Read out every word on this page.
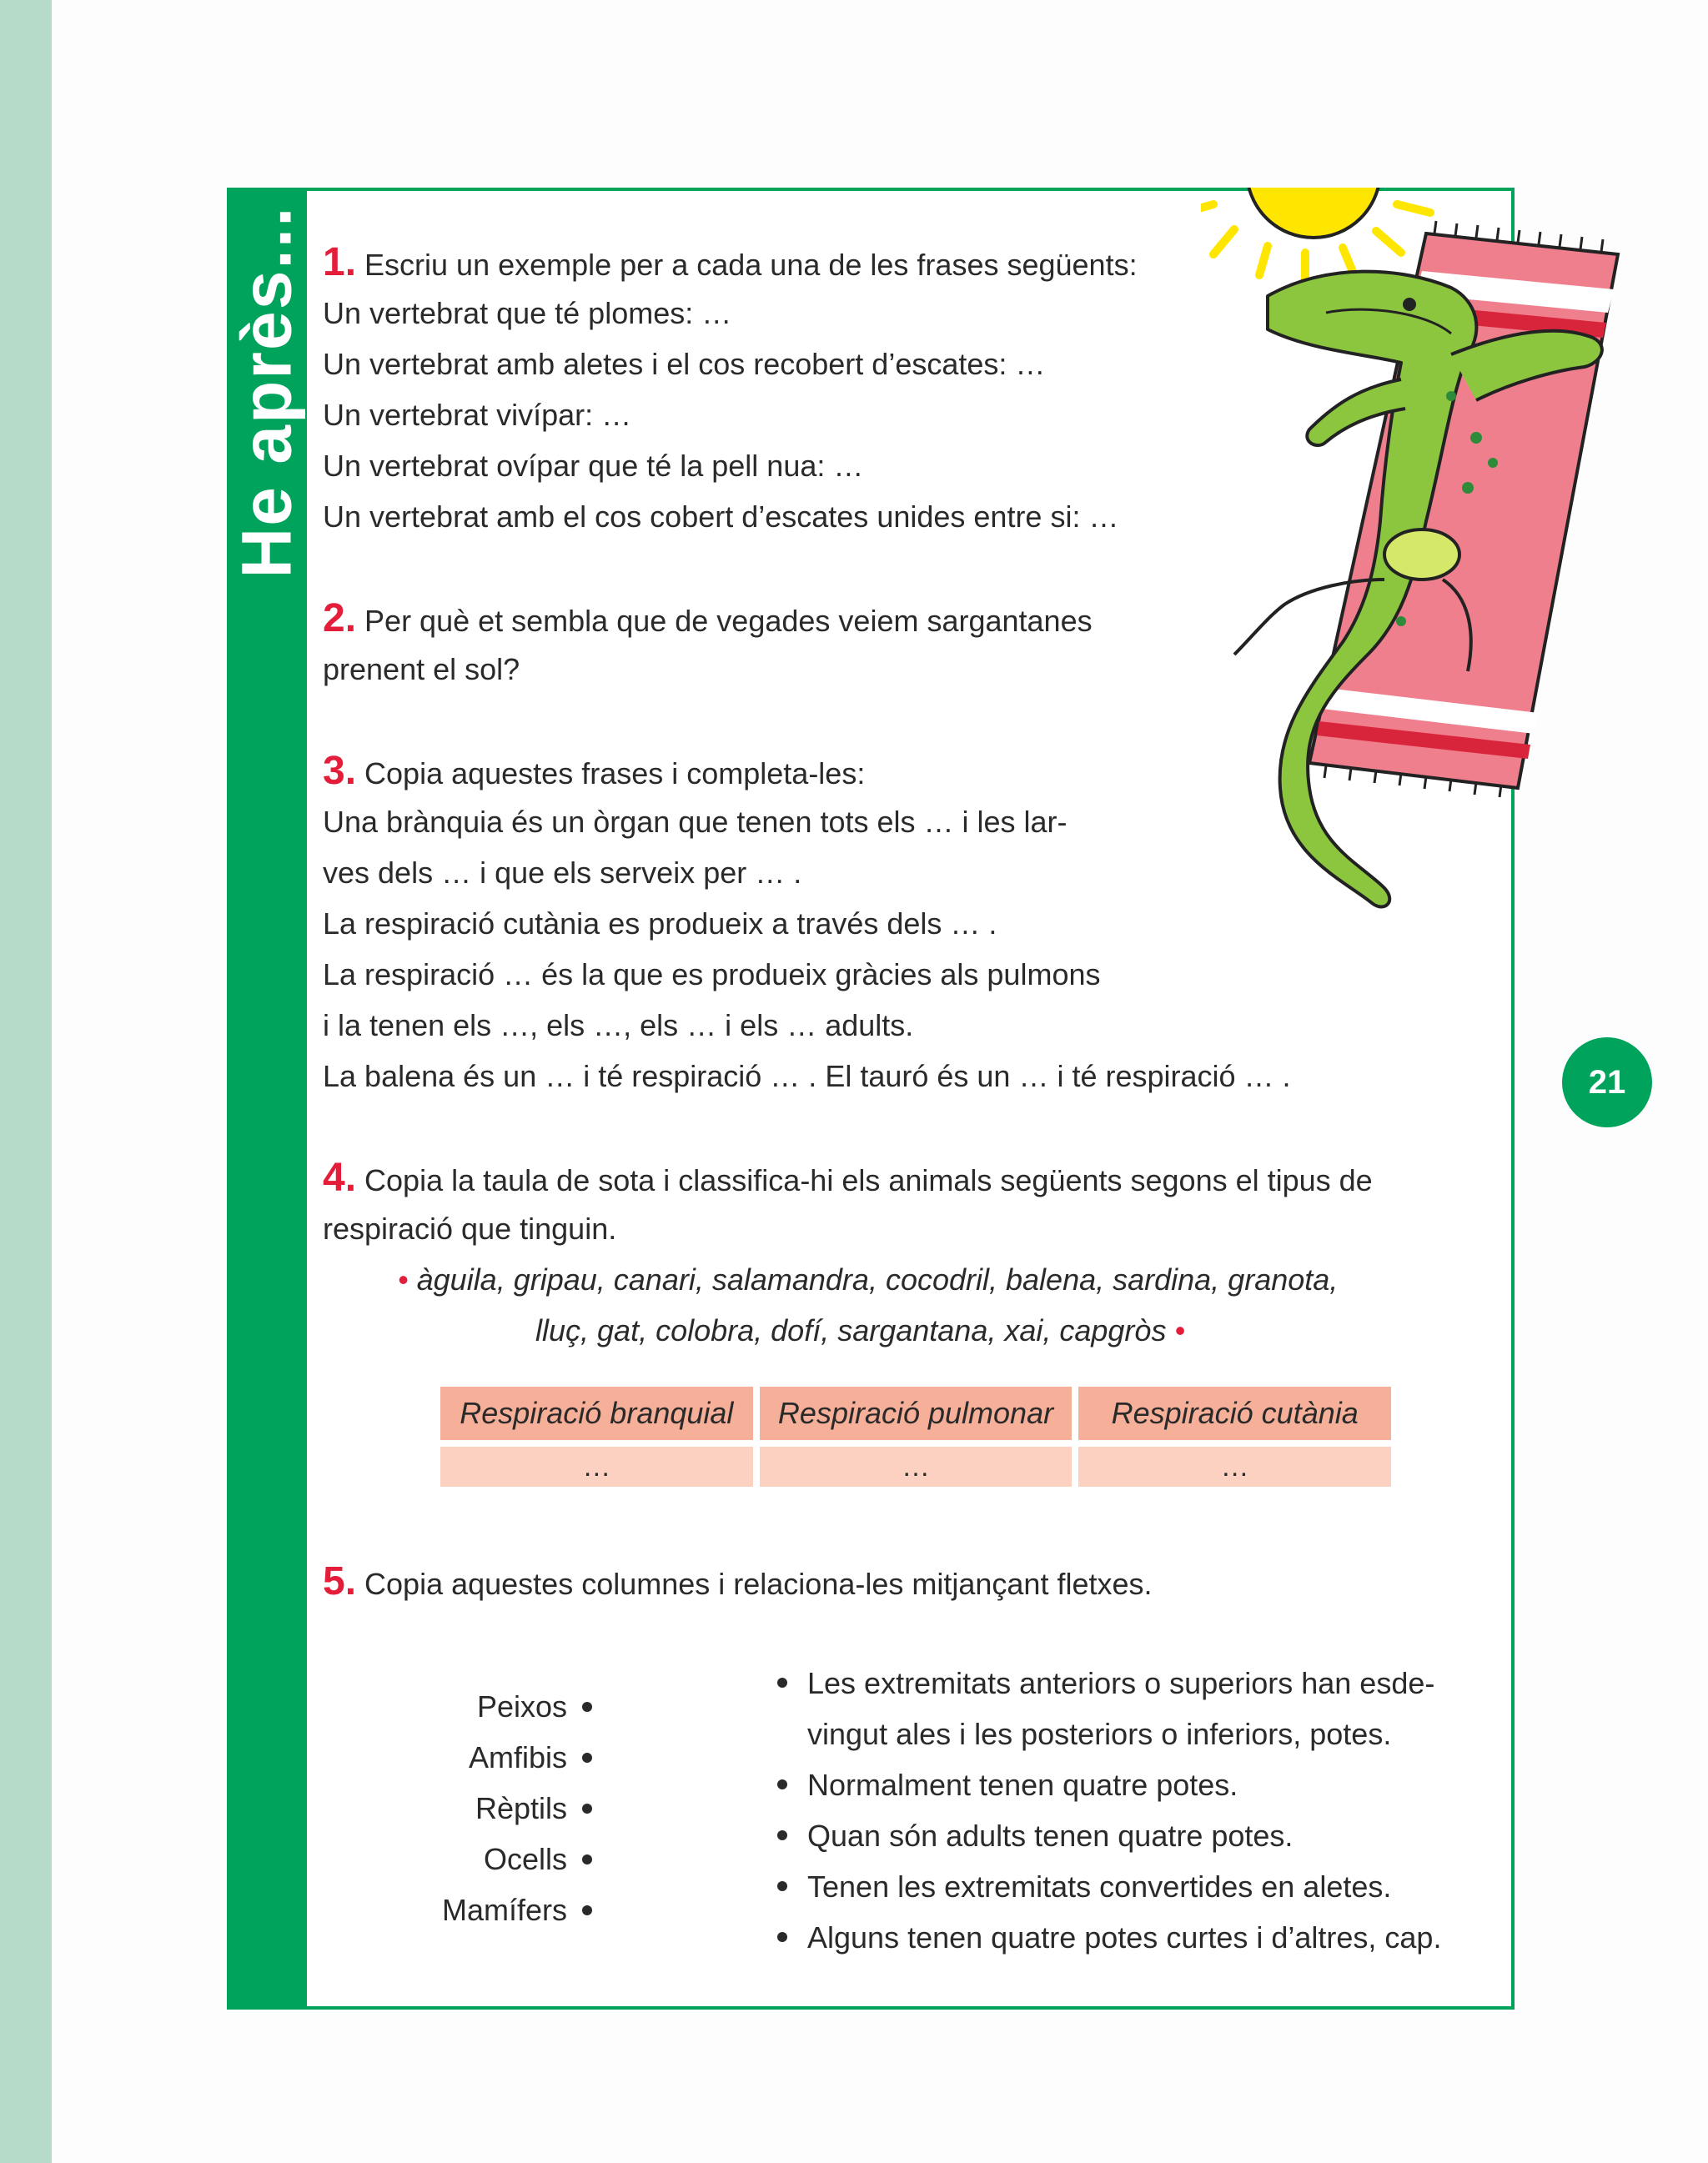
He après...
21
1. Escriu un exemple per a cada una de les frases següents:
Un vertebrat que té plomes: …
Un vertebrat amb aletes i el cos recobert d’escates: …
Un vertebrat vivípar: …
Un vertebrat ovípar que té la pell nua: …
Un vertebrat amb el cos cobert d’escates unides entre si: …
2. Per què et sembla que de vegades veiem sargantanes
prenent el sol?
3. Copia aquestes frases i completa-les:
Una brànquia és un òrgan que tenen tots els … i les lar-
ves dels … i que els serveix per … .
La respiració cutània es produeix a través dels … .
La respiració … és la que es produeix gràcies als pulmons
i la tenen els …, els …, els … i els … adults.
La balena és un … i té respiració … . El tauró és un … i té respiració … .
4. Copia la taula de sota i classifica-hi els animals següents segons el tipus de
respiració que tinguin.
• àguila, gripau, canari, salamandra, cocodril, balena, sardina, granota,
lluç, gat, colobra, dofí, sargantana, xai, capgròs •
Respiració branquial	Respiració pulmonar	Respiració cutània
…	…	…
5. Copia aquestes columnes i relaciona-les mitjançant fletxes.
Peixos
Amfibis
Rèptils
Ocells
Mamífers
Les extremitats anteriors o superiors han esde-
vingut ales i les posteriors o inferiors, potes.
Normalment tenen quatre potes.
Quan són adults tenen quatre potes.
Tenen les extremitats convertides en aletes.
Alguns tenen quatre potes curtes i d’altres, cap.
